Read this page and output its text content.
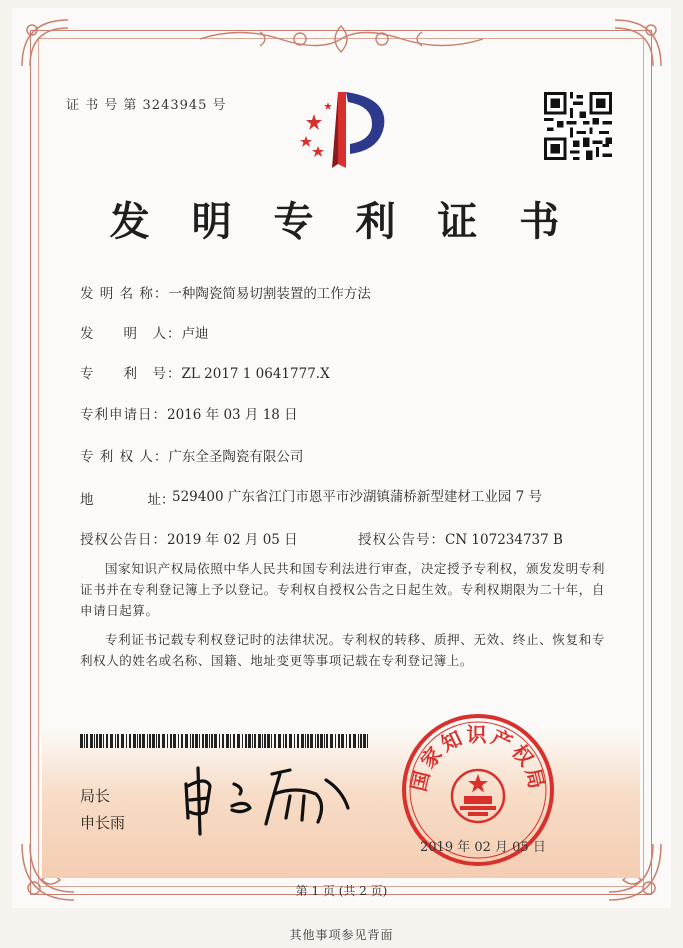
证 书 号 第 3243945 号
发 明 专 利 证 书
发 明 名 称：一种陶瓷简易切割装置的工作方法
发　　明　人：卢迪
专　　利　号：ZL 2017 1 0641777.X
专利申请日：2016 年 03 月 18 日
专 利 权 人：广东全圣陶瓷有限公司
地　　　　址：
529400 广东省江门市恩平市沙湖镇蒲桥新型建材工业园 7 号
授权公告日：2019 年 02 月 05 日	授权公告号：CN 107234737 B

国家知识产权局依照中华人民共和国专利法进行审查，决定授予专利权，颁发发明专利证书并在专利登记簿上予以登记。专利权自授权公告之日起生效。专利权期限为二十年，自申请日起算。

专利证书记载专利权登记时的法律状况。专利权的转移、质押、无效、终止、恢复和专利权人的姓名或名称、国籍、地址变更等事项记载在专利登记簿上。

局长
申长雨
国家知识产权局
2019 年 02 月 05 日
第 1 页 (共 2 页)
其他事项参见背面
